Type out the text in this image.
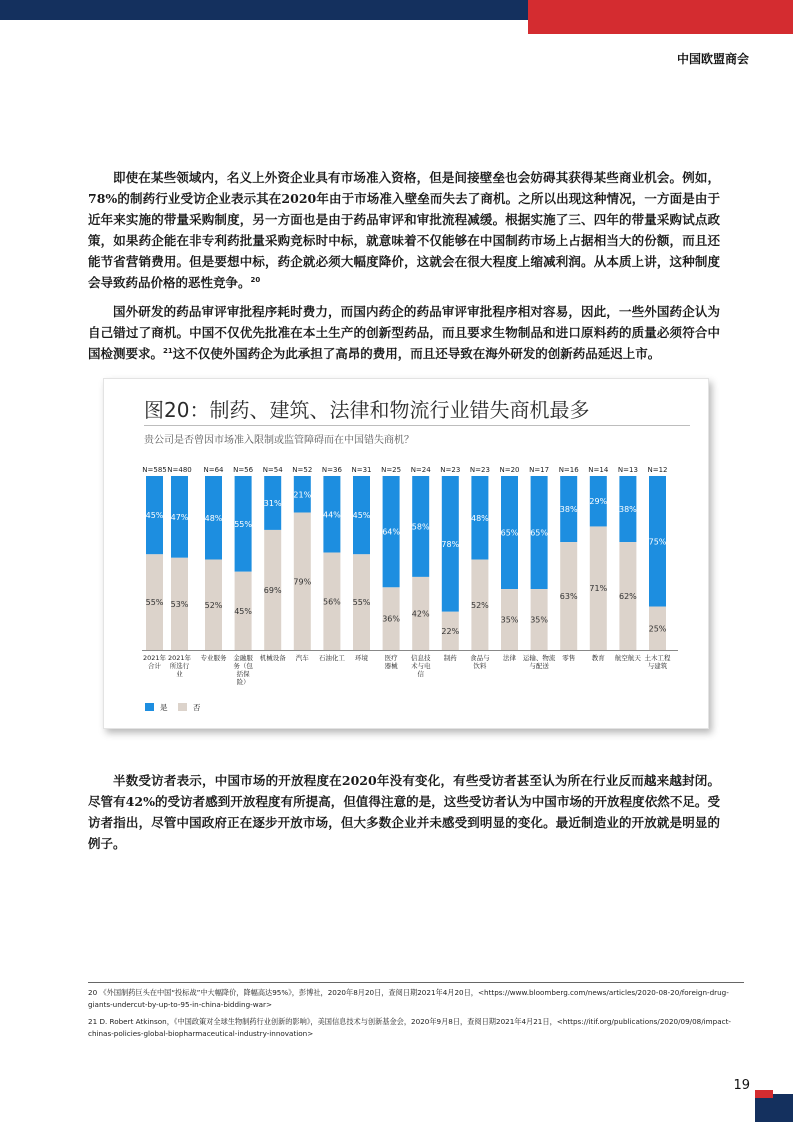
中国欧盟商会

即使在某些领域内，名义上外资企业具有市场准入资格，但是间接壁垒也会妨碍其获得某些商业机会。例如，78%的制药行业受访企业表示其在2020年由于市场准入壁垒而失去了商机。之所以出现这种情况，一方面是由于近年来实施的带量采购制度，另一方面也是由于药品审评和审批流程减缓。根据实施了三、四年的带量采购试点政策，如果药企能在非专利药批量采购竞标时中标，就意味着不仅能够在中国制药市场上占据相当大的份额，而且还能节省营销费用。但是要想中标，药企就必须大幅度降价，这就会在很大程度上缩减利润。从本质上讲，这种制度会导致药品价格的恶性竞争。$^{20}$

国外研发的药品审评审批程序耗时费力，而国内药企的药品审评审批程序相对容易，因此，一些外国药企认为自己错过了商机。中国不仅优先批准在本土生产的创新型药品，而且要求生物制品和进口原料药的质量必须符合中国检测要求。$^{21}$这不仅使外国药企为此承担了高昂的费用，而且还导致在海外研发的创新药品延迟上市。

图20：制药、建筑、法律和物流行业错失商机最多
贵公司是否曾因市场准入限制或监管障碍而在中国错失商机？
45%
55%
N=585
2021年
合计
47%
53%
N=480
2021年
所选行
业
48%
52%
N=64
专业服务
55%
45%
N=56
金融服
务（包
括保
险）
31%
69%
N=54
机械设备
21%
79%
N=52
汽车
44%
56%
N=36
石油化工
45%
55%
N=31
环境
64%
36%
N=25
医疗
器械
58%
42%
N=24
信息技
术与电
信
78%
22%
N=23
制药
48%
52%
N=23
食品与
饮料
65%
35%
N=20
法律
65%
35%
N=17
运输、物流
与配送
38%
63%
N=16
零售
29%
71%
N=14
教育
38%
62%
N=13
航空航天
75%
25%
N=12
土木工程
与建筑
是	否

半数受访者表示，中国市场的开放程度在2020年没有变化，有些受访者甚至认为所在行业反而越来越封闭。尽管有42%的受访者感到开放程度有所提高，但值得注意的是，这些受访者认为中国市场的开放程度依然不足。受访者指出，尽管中国政府正在逐步开放市场，但大多数企业并未感受到明显的变化。最近制造业的开放就是明显的例子。

20 《外国制药巨头在中国“投标战”中大幅降价，降幅高达95%》，彭博社，2020年8月20日，查阅日期2021年4月20日，<https://www.bloomberg.com/news/articles/2020-08-20/foreign-drug-giants-undercut-by-up-to-95-in-china-bidding-war>

21 D. Robert Atkinson，《中国政策对全球生物制药行业创新的影响》，美国信息技术与创新基金会，2020年9月8日，查阅日期2021年4月21日，<https://itif.org/publications/2020/09/08/impact-chinas-policies-global-biopharmaceutical-industry-innovation>

19
